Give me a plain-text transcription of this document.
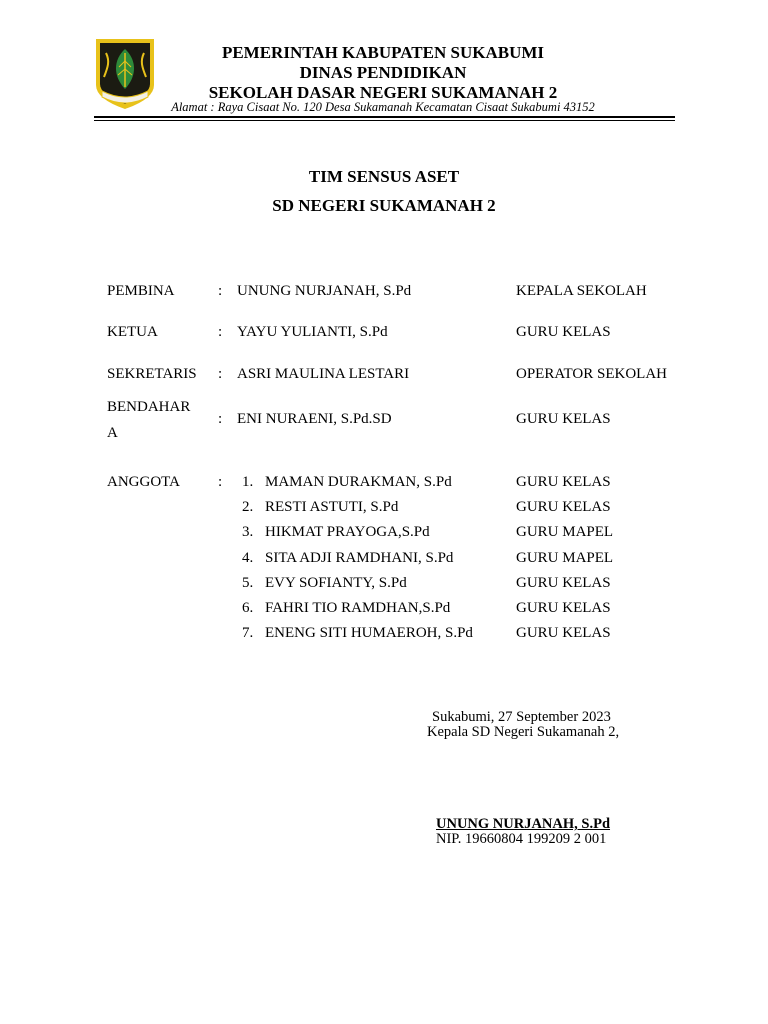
PEMERINTAH KABUPATEN SUKABUMI
DINAS PENDIDIKAN
SEKOLAH DASAR NEGERI SUKAMANAH 2
Alamat : Raya Cisaat No. 120 Desa Sukamanah Kecamatan Cisaat Sukabumi 43152
TIM SENSUS ASET
SD NEGERI SUKAMANAH 2
PEMBINA	: UNUNG NURJANAH, S.Pd	KEPALA SEKOLAH
KETUA	: YAYU YULIANTI, S.Pd	GURU KELAS
SEKRETARIS : ASRI MAULINA LESTARI	OPERATOR SEKOLAH
BENDAHAR
A
: ENI NURAENI, S.Pd.SD	GURU KELAS
ANGGOTA	: 1. MAMAN DURAKMAN, S.Pd	GURU KELAS
2. RESTI ASTUTI, S.Pd	GURU KELAS
3. HIKMAT PRAYOGA,S.Pd	GURU MAPEL
4. SITA ADJI RAMDHANI, S.Pd	GURU MAPEL
5. EVY SOFIANTY, S.Pd	GURU KELAS
6. FAHRI TIO RAMDHAN,S.Pd	GURU KELAS
7. ENENG SITI HUMAEROH, S.Pd	GURU KELAS
Sukabumi, 27 September 2023
Kepala SD Negeri Sukamanah 2,
UNUNG NURJANAH, S.Pd
NIP. 19660804 199209 2 001
